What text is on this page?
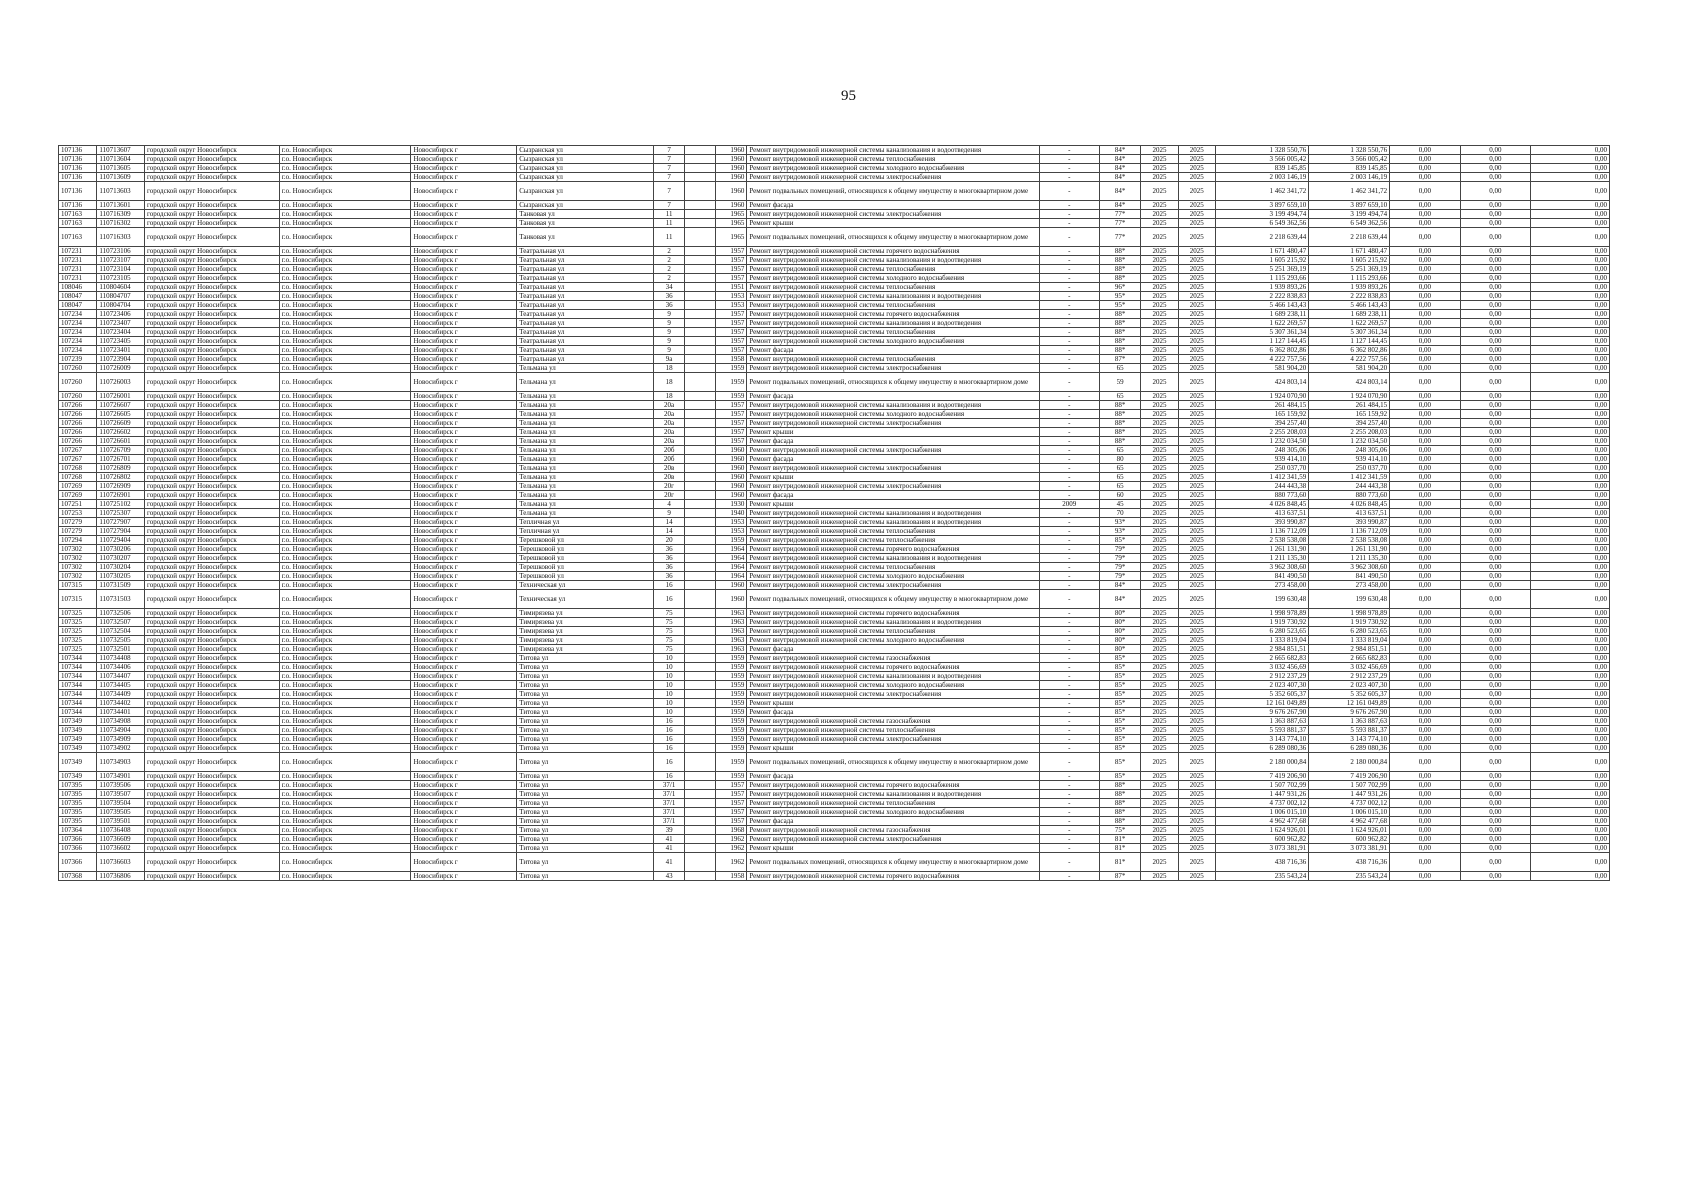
95
107136	110713607	городской округ Новосибирск	г.о. Новосибирск	Новосибирск г	Сызранская ул	7		1960	Ремонт внутридомовой инженерной системы канализования и водоотведения	-	84*	2025	2025	1 328 550,76	1 328 550,76	0,00	0,00	0,00
107136	110713604	городской округ Новосибирск	г.о. Новосибирск	Новосибирск г	Сызранская ул	7		1960	Ремонт внутридомовой инженерной системы теплоснабжения	-	84*	2025	2025	3 566 005,42	3 566 005,42	0,00	0,00	0,00
107136	110713605	городской округ Новосибирск	г.о. Новосибирск	Новосибирск г	Сызранская ул	7		1960	Ремонт внутридомовой инженерной системы холодного водоснабжения	-	84*	2025	2025	839 145,85	839 145,85	0,00	0,00	0,00
107136	110713609	городской округ Новосибирск	г.о. Новосибирск	Новосибирск г	Сызранская ул	7		1960	Ремонт внутридомовой инженерной системы электроснабжения	-	84*	2025	2025	2 003 146,19	2 003 146,19	0,00	0,00	0,00
107136	110713603	городской округ Новосибирск	г.о. Новосибирск	Новосибирск г	Сызранская ул	7		1960	Ремонт подвальных помещений, относящихся к общему имуществу в многоквартирном доме	-	84*	2025	2025	1 462 341,72	1 462 341,72	0,00	0,00	0,00
107136	110713601	городской округ Новосибирск	г.о. Новосибирск	Новосибирск г	Сызранская ул	7		1960	Ремонт фасада	-	84*	2025	2025	3 897 659,10	3 897 659,10	0,00	0,00	0,00
107163	110716309	городской округ Новосибирск	г.о. Новосибирск	Новосибирск г	Танковая ул	11		1965	Ремонт внутридомовой инженерной системы электроснабжения	-	77*	2025	2025	3 199 494,74	3 199 494,74	0,00	0,00	0,00
107163	110716302	городской округ Новосибирск	г.о. Новосибирск	Новосибирск г	Танковая ул	11		1965	Ремонт крыши	-	77*	2025	2025	6 549 362,56	6 549 362,56	0,00	0,00	0,00
107163	110716303	городской округ Новосибирск	г.о. Новосибирск	Новосибирск г	Танковая ул	11		1965	Ремонт подвальных помещений, относящихся к общему имуществу в многоквартирном доме	-	77*	2025	2025	2 218 639,44	2 218 639,44	0,00	0,00	0,00
107231	110723106	городской округ Новосибирск	г.о. Новосибирск	Новосибирск г	Театральная ул	2		1957	Ремонт внутридомовой инженерной системы горячего водоснабжения	-	88*	2025	2025	1 671 480,47	1 671 480,47	0,00	0,00	0,00
107231	110723107	городской округ Новосибирск	г.о. Новосибирск	Новосибирск г	Театральная ул	2		1957	Ремонт внутридомовой инженерной системы канализования и водоотведения	-	88*	2025	2025	1 605 215,92	1 605 215,92	0,00	0,00	0,00
107231	110723104	городской округ Новосибирск	г.о. Новосибирск	Новосибирск г	Театральная ул	2		1957	Ремонт внутридомовой инженерной системы теплоснабжения	-	88*	2025	2025	5 251 369,19	5 251 369,19	0,00	0,00	0,00
107231	110723105	городской округ Новосибирск	г.о. Новосибирск	Новосибирск г	Театральная ул	2		1957	Ремонт внутридомовой инженерной системы холодного водоснабжения	-	88*	2025	2025	1 115 293,66	1 115 293,66	0,00	0,00	0,00
108046	110804604	городской округ Новосибирск	г.о. Новосибирск	Новосибирск г	Театральная ул	34		1951	Ремонт внутридомовой инженерной системы теплоснабжения	-	96*	2025	2025	1 939 893,26	1 939 893,26	0,00	0,00	0,00
108047	110804707	городской округ Новосибирск	г.о. Новосибирск	Новосибирск г	Театральная ул	36		1953	Ремонт внутридомовой инженерной системы канализования и водоотведения	-	95*	2025	2025	2 222 838,83	2 222 838,83	0,00	0,00	0,00
108047	110804704	городской округ Новосибирск	г.о. Новосибирск	Новосибирск г	Театральная ул	36		1953	Ремонт внутридомовой инженерной системы теплоснабжения	-	95*	2025	2025	5 466 143,43	5 466 143,43	0,00	0,00	0,00
107234	110723406	городской округ Новосибирск	г.о. Новосибирск	Новосибирск г	Театральная ул	9		1957	Ремонт внутридомовой инженерной системы горячего водоснабжения	-	88*	2025	2025	1 689 238,11	1 689 238,11	0,00	0,00	0,00
107234	110723407	городской округ Новосибирск	г.о. Новосибирск	Новосибирск г	Театральная ул	9		1957	Ремонт внутридомовой инженерной системы канализования и водоотведения	-	88*	2025	2025	1 622 269,57	1 622 269,57	0,00	0,00	0,00
107234	110723404	городской округ Новосибирск	г.о. Новосибирск	Новосибирск г	Театральная ул	9		1957	Ремонт внутридомовой инженерной системы теплоснабжения	-	88*	2025	2025	5 307 361,34	5 307 361,34	0,00	0,00	0,00
107234	110723405	городской округ Новосибирск	г.о. Новосибирск	Новосибирск г	Театральная ул	9		1957	Ремонт внутридомовой инженерной системы холодного водоснабжения	-	88*	2025	2025	1 127 144,45	1 127 144,45	0,00	0,00	0,00
107234	110723401	городской округ Новосибирск	г.о. Новосибирск	Новосибирск г	Театральная ул	9		1957	Ремонт фасада	-	88*	2025	2025	6 362 802,86	6 362 802,86	0,00	0,00	0,00
107239	110723904	городской округ Новосибирск	г.о. Новосибирск	Новосибирск г	Театральная ул	9а		1958	Ремонт внутридомовой инженерной системы теплоснабжения	-	87*	2025	2025	4 222 757,56	4 222 757,56	0,00	0,00	0,00
107260	110726009	городской округ Новосибирск	г.о. Новосибирск	Новосибирск г	Тельмана ул	18		1959	Ремонт внутридомовой инженерной системы электроснабжения	-	65	2025	2025	581 904,20	581 904,20	0,00	0,00	0,00
107260	110726003	городской округ Новосибирск	г.о. Новосибирск	Новосибирск г	Тельмана ул	18		1959	Ремонт подвальных помещений, относящихся к общему имуществу в многоквартирном доме	-	59	2025	2025	424 803,14	424 803,14	0,00	0,00	0,00
107260	110726001	городской округ Новосибирск	г.о. Новосибирск	Новосибирск г	Тельмана ул	18		1959	Ремонт фасада	-	65	2025	2025	1 924 070,90	1 924 070,90	0,00	0,00	0,00
107266	110726607	городской округ Новосибирск	г.о. Новосибирск	Новосибирск г	Тельмана ул	20а		1957	Ремонт внутридомовой инженерной системы канализования и водоотведения	-	88*	2025	2025	261 484,15	261 484,15	0,00	0,00	0,00
107266	110726605	городской округ Новосибирск	г.о. Новосибирск	Новосибирск г	Тельмана ул	20а		1957	Ремонт внутридомовой инженерной системы холодного водоснабжения	-	88*	2025	2025	165 159,92	165 159,92	0,00	0,00	0,00
107266	110726609	городской округ Новосибирск	г.о. Новосибирск	Новосибирск г	Тельмана ул	20а		1957	Ремонт внутридомовой инженерной системы электроснабжения	-	88*	2025	2025	394 257,40	394 257,40	0,00	0,00	0,00
107266	110726602	городской округ Новосибирск	г.о. Новосибирск	Новосибирск г	Тельмана ул	20а		1957	Ремонт крыши	-	88*	2025	2025	2 255 208,03	2 255 208,03	0,00	0,00	0,00
107266	110726601	городской округ Новосибирск	г.о. Новосибирск	Новосибирск г	Тельмана ул	20а		1957	Ремонт фасада	-	88*	2025	2025	1 232 034,50	1 232 034,50	0,00	0,00	0,00
107267	110726709	городской округ Новосибирск	г.о. Новосибирск	Новосибирск г	Тельмана ул	20б		1960	Ремонт внутридомовой инженерной системы электроснабжения	-	65	2025	2025	248 305,06	248 305,06	0,00	0,00	0,00
107267	110726701	городской округ Новосибирск	г.о. Новосибирск	Новосибирск г	Тельмана ул	20б		1960	Ремонт фасада	-	80	2025	2025	939 414,10	939 414,10	0,00	0,00	0,00
107268	110726809	городской округ Новосибирск	г.о. Новосибирск	Новосибирск г	Тельмана ул	20в		1960	Ремонт внутридомовой инженерной системы электроснабжения	-	65	2025	2025	250 037,70	250 037,70	0,00	0,00	0,00
107268	110726802	городской округ Новосибирск	г.о. Новосибирск	Новосибирск г	Тельмана ул	20в		1960	Ремонт крыши	-	65	2025	2025	1 412 341,59	1 412 341,59	0,00	0,00	0,00
107269	110726909	городской округ Новосибирск	г.о. Новосибирск	Новосибирск г	Тельмана ул	20г		1960	Ремонт внутридомовой инженерной системы электроснабжения	-	65	2025	2025	244 443,38	244 443,38	0,00	0,00	0,00
107269	110726901	городской округ Новосибирск	г.о. Новосибирск	Новосибирск г	Тельмана ул	20г		1960	Ремонт фасада	-	60	2025	2025	880 773,60	880 773,60	0,00	0,00	0,00
107251	110725102	городской округ Новосибирск	г.о. Новосибирск	Новосибирск г	Тельмана ул	4		1930	Ремонт крыши	2009	45	2025	2025	4 026 848,45	4 026 848,45	0,00	0,00	0,00
107253	110725307	городской округ Новосибирск	г.о. Новосибирск	Новосибирск г	Тельмана ул	9		1940	Ремонт внутридомовой инженерной системы канализования и водоотведения	-	70	2025	2025	413 637,51	413 637,51	0,00	0,00	0,00
107279	110727907	городской округ Новосибирск	г.о. Новосибирск	Новосибирск г	Тепличная ул	14		1953	Ремонт внутридомовой инженерной системы канализования и водоотведения	-	93*	2025	2025	393 990,87	393 990,87	0,00	0,00	0,00
107279	110727904	городской округ Новосибирск	г.о. Новосибирск	Новосибирск г	Тепличная ул	14		1953	Ремонт внутридомовой инженерной системы теплоснабжения	-	93*	2025	2025	1 136 712,09	1 136 712,09	0,00	0,00	0,00
107294	110729404	городской округ Новосибирск	г.о. Новосибирск	Новосибирск г	Терешковой ул	20		1959	Ремонт внутридомовой инженерной системы теплоснабжения	-	85*	2025	2025	2 538 538,08	2 538 538,08	0,00	0,00	0,00
107302	110730206	городской округ Новосибирск	г.о. Новосибирск	Новосибирск г	Терешковой ул	36		1964	Ремонт внутридомовой инженерной системы горячего водоснабжения	-	79*	2025	2025	1 261 131,90	1 261 131,90	0,00	0,00	0,00
107302	110730207	городской округ Новосибирск	г.о. Новосибирск	Новосибирск г	Терешковой ул	36		1964	Ремонт внутридомовой инженерной системы канализования и водоотведения	-	79*	2025	2025	1 211 135,30	1 211 135,30	0,00	0,00	0,00
107302	110730204	городской округ Новосибирск	г.о. Новосибирск	Новосибирск г	Терешковой ул	36		1964	Ремонт внутридомовой инженерной системы теплоснабжения	-	79*	2025	2025	3 962 308,60	3 962 308,60	0,00	0,00	0,00
107302	110730205	городской округ Новосибирск	г.о. Новосибирск	Новосибирск г	Терешковой ул	36		1964	Ремонт внутридомовой инженерной системы холодного водоснабжения	-	79*	2025	2025	841 490,50	841 490,50	0,00	0,00	0,00
107315	110731509	городской округ Новосибирск	г.о. Новосибирск	Новосибирск г	Техническая ул	16		1960	Ремонт внутридомовой инженерной системы электроснабжения	-	84*	2025	2025	273 458,00	273 458,00	0,00	0,00	0,00
107315	110731503	городской округ Новосибирск	г.о. Новосибирск	Новосибирск г	Техническая ул	16		1960	Ремонт подвальных помещений, относящихся к общему имуществу в многоквартирном доме	-	84*	2025	2025	199 630,48	199 630,48	0,00	0,00	0,00
107325	110732506	городской округ Новосибирск	г.о. Новосибирск	Новосибирск г	Тимирязева ул	75		1963	Ремонт внутридомовой инженерной системы горячего водоснабжения	-	80*	2025	2025	1 998 978,89	1 998 978,89	0,00	0,00	0,00
107325	110732507	городской округ Новосибирск	г.о. Новосибирск	Новосибирск г	Тимирязева ул	75		1963	Ремонт внутридомовой инженерной системы канализования и водоотведения	-	80*	2025	2025	1 919 730,92	1 919 730,92	0,00	0,00	0,00
107325	110732504	городской округ Новосибирск	г.о. Новосибирск	Новосибирск г	Тимирязева ул	75		1963	Ремонт внутридомовой инженерной системы теплоснабжения	-	80*	2025	2025	6 280 523,65	6 280 523,65	0,00	0,00	0,00
107325	110732505	городской округ Новосибирск	г.о. Новосибирск	Новосибирск г	Тимирязева ул	75		1963	Ремонт внутридомовой инженерной системы холодного водоснабжения	-	80*	2025	2025	1 333 819,04	1 333 819,04	0,00	0,00	0,00
107325	110732501	городской округ Новосибирск	г.о. Новосибирск	Новосибирск г	Тимирязева ул	75		1963	Ремонт фасада	-	80*	2025	2025	2 984 851,51	2 984 851,51	0,00	0,00	0,00
107344	110734408	городской округ Новосибирск	г.о. Новосибирск	Новосибирск г	Титова ул	10		1959	Ремонт внутридомовой инженерной системы газоснабжения	-	85*	2025	2025	2 665 682,83	2 665 682,83	0,00	0,00	0,00
107344	110734406	городской округ Новосибирск	г.о. Новосибирск	Новосибирск г	Титова ул	10		1959	Ремонт внутридомовой инженерной системы горячего водоснабжения	-	85*	2025	2025	3 032 456,69	3 032 456,69	0,00	0,00	0,00
107344	110734407	городской округ Новосибирск	г.о. Новосибирск	Новосибирск г	Титова ул	10		1959	Ремонт внутридомовой инженерной системы канализования и водоотведения	-	85*	2025	2025	2 912 237,29	2 912 237,29	0,00	0,00	0,00
107344	110734405	городской округ Новосибирск	г.о. Новосибирск	Новосибирск г	Титова ул	10		1959	Ремонт внутридомовой инженерной системы холодного водоснабжения	-	85*	2025	2025	2 023 407,30	2 023 407,30	0,00	0,00	0,00
107344	110734409	городской округ Новосибирск	г.о. Новосибирск	Новосибирск г	Титова ул	10		1959	Ремонт внутридомовой инженерной системы электроснабжения	-	85*	2025	2025	5 352 605,37	5 352 605,37	0,00	0,00	0,00
107344	110734402	городской округ Новосибирск	г.о. Новосибирск	Новосибирск г	Титова ул	10		1959	Ремонт крыши	-	85*	2025	2025	12 161 049,89	12 161 049,89	0,00	0,00	0,00
107344	110734401	городской округ Новосибирск	г.о. Новосибирск	Новосибирск г	Титова ул	10		1959	Ремонт фасада	-	85*	2025	2025	9 676 267,90	9 676 267,90	0,00	0,00	0,00
107349	110734908	городской округ Новосибирск	г.о. Новосибирск	Новосибирск г	Титова ул	16		1959	Ремонт внутридомовой инженерной системы газоснабжения	-	85*	2025	2025	1 363 887,63	1 363 887,63	0,00	0,00	0,00
107349	110734904	городской округ Новосибирск	г.о. Новосибирск	Новосибирск г	Титова ул	16		1959	Ремонт внутридомовой инженерной системы теплоснабжения	-	85*	2025	2025	5 593 881,37	5 593 881,37	0,00	0,00	0,00
107349	110734909	городской округ Новосибирск	г.о. Новосибирск	Новосибирск г	Титова ул	16		1959	Ремонт внутридомовой инженерной системы электроснабжения	-	85*	2025	2025	3 143 774,10	3 143 774,10	0,00	0,00	0,00
107349	110734902	городской округ Новосибирск	г.о. Новосибирск	Новосибирск г	Титова ул	16		1959	Ремонт крыши	-	85*	2025	2025	6 289 080,36	6 289 080,36	0,00	0,00	0,00
107349	110734903	городской округ Новосибирск	г.о. Новосибирск	Новосибирск г	Титова ул	16		1959	Ремонт подвальных помещений, относящихся к общему имуществу в многоквартирном доме	-	85*	2025	2025	2 180 000,84	2 180 000,84	0,00	0,00	0,00
107349	110734901	городской округ Новосибирск	г.о. Новосибирск	Новосибирск г	Титова ул	16		1959	Ремонт фасада	-	85*	2025	2025	7 419 206,90	7 419 206,90	0,00	0,00	0,00
107395	110739506	городской округ Новосибирск	г.о. Новосибирск	Новосибирск г	Титова ул	37/1		1957	Ремонт внутридомовой инженерной системы горячего водоснабжения	-	88*	2025	2025	1 507 702,99	1 507 702,99	0,00	0,00	0,00
107395	110739507	городской округ Новосибирск	г.о. Новосибирск	Новосибирск г	Титова ул	37/1		1957	Ремонт внутридомовой инженерной системы канализования и водоотведения	-	88*	2025	2025	1 447 931,26	1 447 931,26	0,00	0,00	0,00
107395	110739504	городской округ Новосибирск	г.о. Новосибирск	Новосибирск г	Титова ул	37/1		1957	Ремонт внутридомовой инженерной системы теплоснабжения	-	88*	2025	2025	4 737 002,12	4 737 002,12	0,00	0,00	0,00
107395	110739505	городской округ Новосибирск	г.о. Новосибирск	Новосибирск г	Титова ул	37/1		1957	Ремонт внутридомовой инженерной системы холодного водоснабжения	-	88*	2025	2025	1 006 015,10	1 006 015,10	0,00	0,00	0,00
107395	110739501	городской округ Новосибирск	г.о. Новосибирск	Новосибирск г	Титова ул	37/1		1957	Ремонт фасада	-	88*	2025	2025	4 962 477,68	4 962 477,68	0,00	0,00	0,00
107364	110736408	городской округ Новосибирск	г.о. Новосибирск	Новосибирск г	Титова ул	39		1968	Ремонт внутридомовой инженерной системы газоснабжения	-	75*	2025	2025	1 624 926,01	1 624 926,01	0,00	0,00	0,00
107366	110736609	городской округ Новосибирск	г.о. Новосибирск	Новосибирск г	Титова ул	41		1962	Ремонт внутридомовой инженерной системы электроснабжения	-	81*	2025	2025	600 962,82	600 962,82	0,00	0,00	0,00
107366	110736602	городской округ Новосибирск	г.о. Новосибирск	Новосибирск г	Титова ул	41		1962	Ремонт крыши	-	81*	2025	2025	3 073 381,91	3 073 381,91	0,00	0,00	0,00
107366	110736603	городской округ Новосибирск	г.о. Новосибирск	Новосибирск г	Титова ул	41		1962	Ремонт подвальных помещений, относящихся к общему имуществу в многоквартирном доме	-	81*	2025	2025	438 716,36	438 716,36	0,00	0,00	0,00
107368	110736806	городской округ Новосибирск	г.о. Новосибирск	Новосибирск г	Титова ул	43		1958	Ремонт внутридомовой инженерной системы горячего водоснабжения	-	87*	2025	2025	235 543,24	235 543,24	0,00	0,00	0,00
